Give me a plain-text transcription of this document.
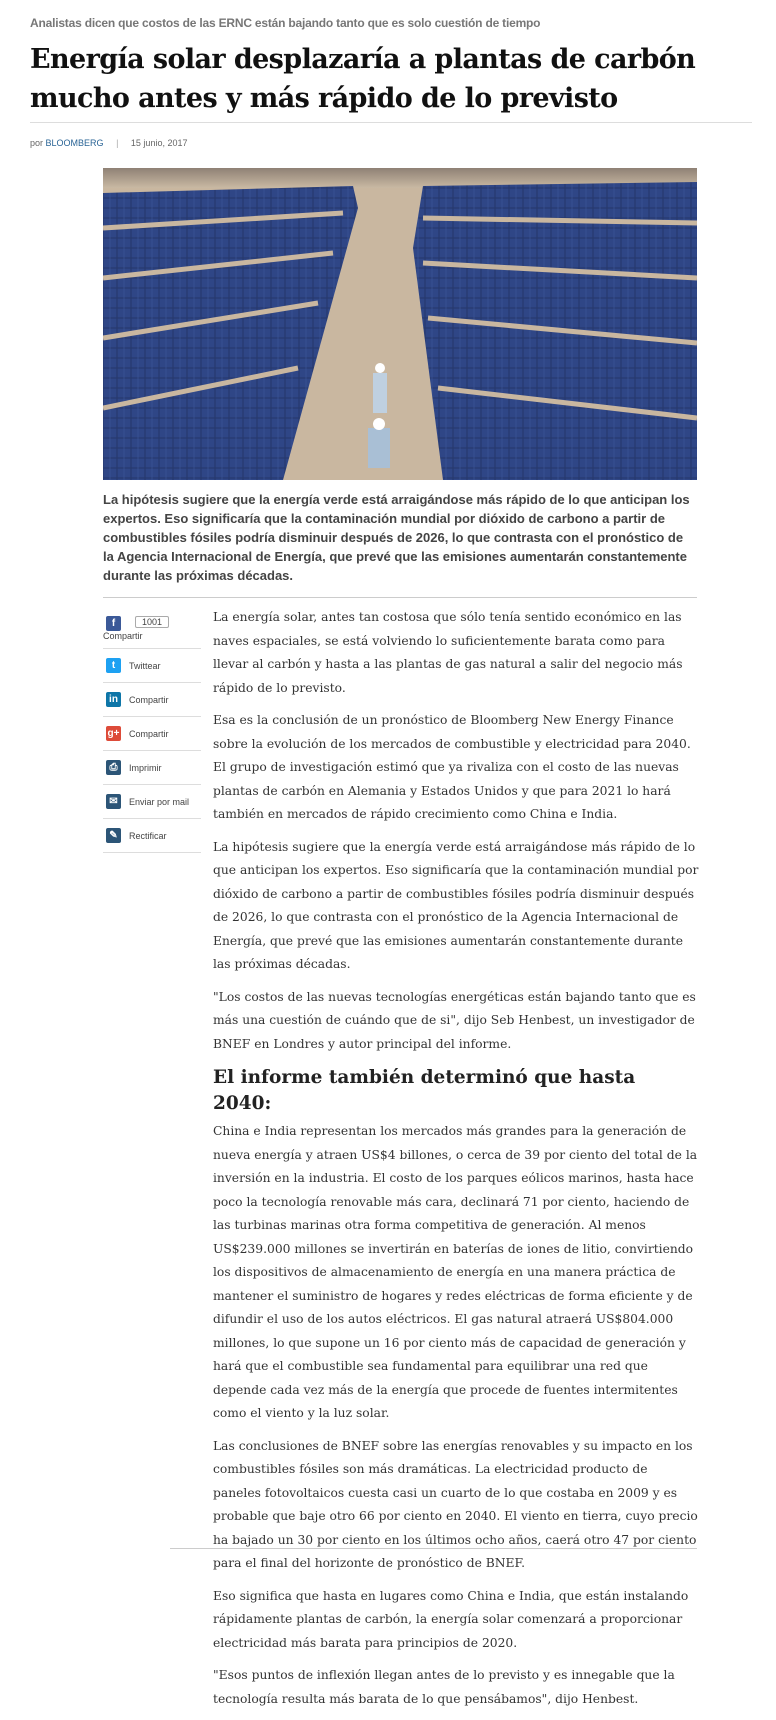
Analistas dicen que costos de las ERNC están bajando tanto que es solo cuestión de tiempo
Energía solar desplazaría a plantas de carbón mucho antes y más rápido de lo previsto
por BLOOMBERG | 15 junio, 2017
La hipótesis sugiere que la energía verde está arraigándose más rápido de lo que anticipan los expertos. Eso significaría que la contaminación mundial por dióxido de carbono a partir de combustibles fósiles podría disminuir después de 2026, lo que contrasta con el pronóstico de la Agencia Internacional de Energía, que prevé que las emisiones aumentarán constantemente durante las próximas décadas.
f	1001
Compartir
t	Twittear
in	Compartir
g+ Compartir
⎙	Imprimir
✉	Enviar por mail
✎	Rectificar

La energía solar, antes tan costosa que sólo tenía sentido económico en las naves espaciales, se está volviendo lo suficientemente barata como para llevar al carbón y hasta a las plantas de gas natural a salir del negocio más rápido de lo previsto.

Esa es la conclusión de un pronóstico de Bloomberg New Energy Finance sobre la evolución de los mercados de combustible y electricidad para 2040. El grupo de investigación estimó que ya rivaliza con el costo de las nuevas plantas de carbón en Alemania y Estados Unidos y que para 2021 lo hará también en mercados de rápido crecimiento como China e India.

La hipótesis sugiere que la energía verde está arraigándose más rápido de lo que anticipan los expertos. Eso significaría que la contaminación mundial por dióxido de carbono a partir de combustibles fósiles podría disminuir después de 2026, lo que contrasta con el pronóstico de la Agencia Internacional de Energía, que prevé que las emisiones aumentarán constantemente durante las próximas décadas.

"Los costos de las nuevas tecnologías energéticas están bajando tanto que es más una cuestión de cuándo que de si", dijo Seb Henbest, un investigador de BNEF en Londres y autor principal del informe.

El informe también determinó que hasta 2040:

China e India representan los mercados más grandes para la generación de nueva energía y atraen US$4 billones, o cerca de 39 por ciento del total de la inversión en la industria. El costo de los parques eólicos marinos, hasta hace poco la tecnología renovable más cara, declinará 71 por ciento, haciendo de las turbinas marinas otra forma competitiva de generación. Al menos US$239.000 millones se invertirán en baterías de iones de litio, convirtiendo los dispositivos de almacenamiento de energía en una manera práctica de mantener el suministro de hogares y redes eléctricas de forma eficiente y de difundir el uso de los autos eléctricos. El gas natural atraerá US$804.000 millones, lo que supone un 16 por ciento más de capacidad de generación y hará que el combustible sea fundamental para equilibrar una red que depende cada vez más de la energía que procede de fuentes intermitentes como el viento y la luz solar.

Las conclusiones de BNEF sobre las energías renovables y su impacto en los combustibles fósiles son más dramáticas. La electricidad producto de paneles fotovoltaicos cuesta casi un cuarto de lo que costaba en 2009 y es probable que baje otro 66 por ciento en 2040. El viento en tierra, cuyo precio ha bajado un 30 por ciento en los últimos ocho años, caerá otro 47 por ciento para el final del horizonte de pronóstico de BNEF.

Eso significa que hasta en lugares como China e India, que están instalando rápidamente plantas de carbón, la energía solar comenzará a proporcionar electricidad más barata para principios de 2020.

"Esos puntos de inflexión llegan antes de lo previsto y es innegable que la tecnología resulta más barata de lo que pensábamos", dijo Henbest.
